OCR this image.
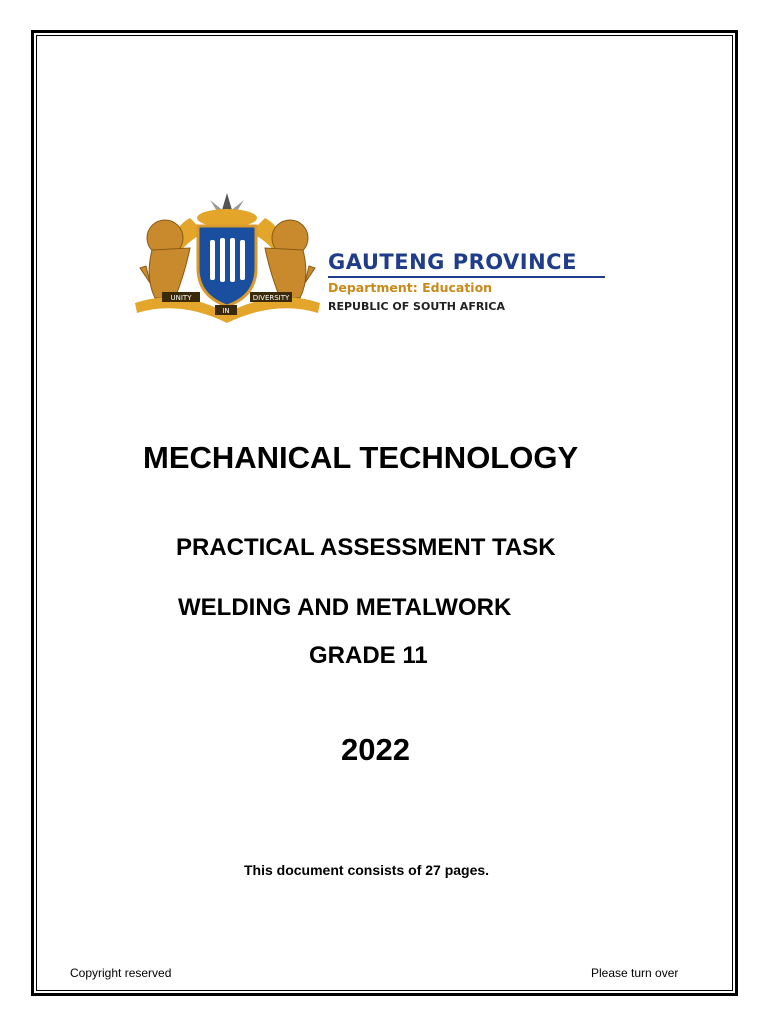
UNITY
IN
DIVERSITY
GAUTENG PROVINCE
Department: Education
REPUBLIC OF SOUTH AFRICA
MECHANICAL TECHNOLOGY
PRACTICAL ASSESSMENT TASK
WELDING AND METALWORK
GRADE 11
2022
This document consists of 27 pages.
Copyright reserved	Please turn over
